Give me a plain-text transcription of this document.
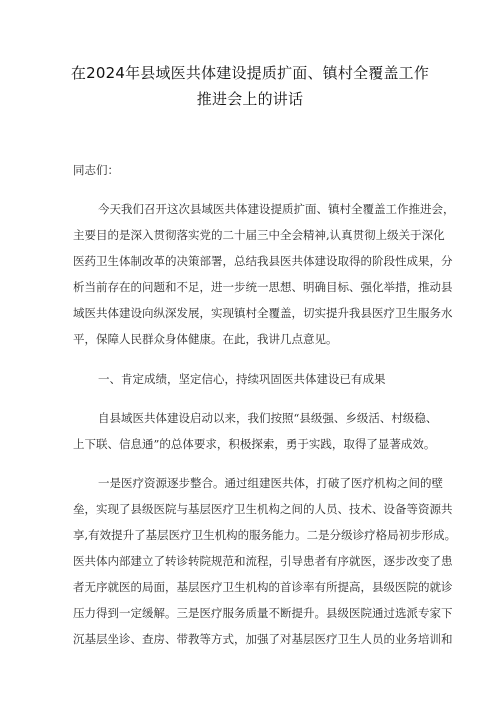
在2024年县域医共体建设提质扩面、镇村全覆盖工作
推进会上的讲话
同志们：
今天我们召开这次县域医共体建设提质扩面、镇村全覆盖工作推进会，
主要目的是深入贯彻落实党的二十届三中全会精神,认真贯彻上级关于深化
医药卫生体制改革的决策部署，总结我县医共体建设取得的阶段性成果，分
析当前存在的问题和不足，进一步统一思想、明确目标、强化举措，推动县
域医共体建设向纵深发展，实现镇村全覆盖，切实提升我县医疗卫生服务水
平，保障人民群众身体健康。在此，我讲几点意见。
一、肯定成绩，坚定信心，持续巩固医共体建设已有成果
自县域医共体建设启动以来，我们按照“县级强、乡级活、村级稳、
上下联、信息通”的总体要求，积极探索，勇于实践，取得了显著成效。
一是医疗资源逐步整合。通过组建医共体，打破了医疗机构之间的壁
垒，实现了县级医院与基层医疗卫生机构之间的人员、技术、设备等资源共
享,有效提升了基层医疗卫生机构的服务能力。二是分级诊疗格局初步形成。
医共体内部建立了转诊转院规范和流程，引导患者有序就医，逐步改变了患
者无序就医的局面，基层医疗卫生机构的首诊率有所提高，县级医院的就诊
压力得到一定缓解。三是医疗服务质量不断提升。县级医院通过选派专家下
沉基层坐诊、查房、带教等方式，加强了对基层医疗卫生人员的业务培训和
